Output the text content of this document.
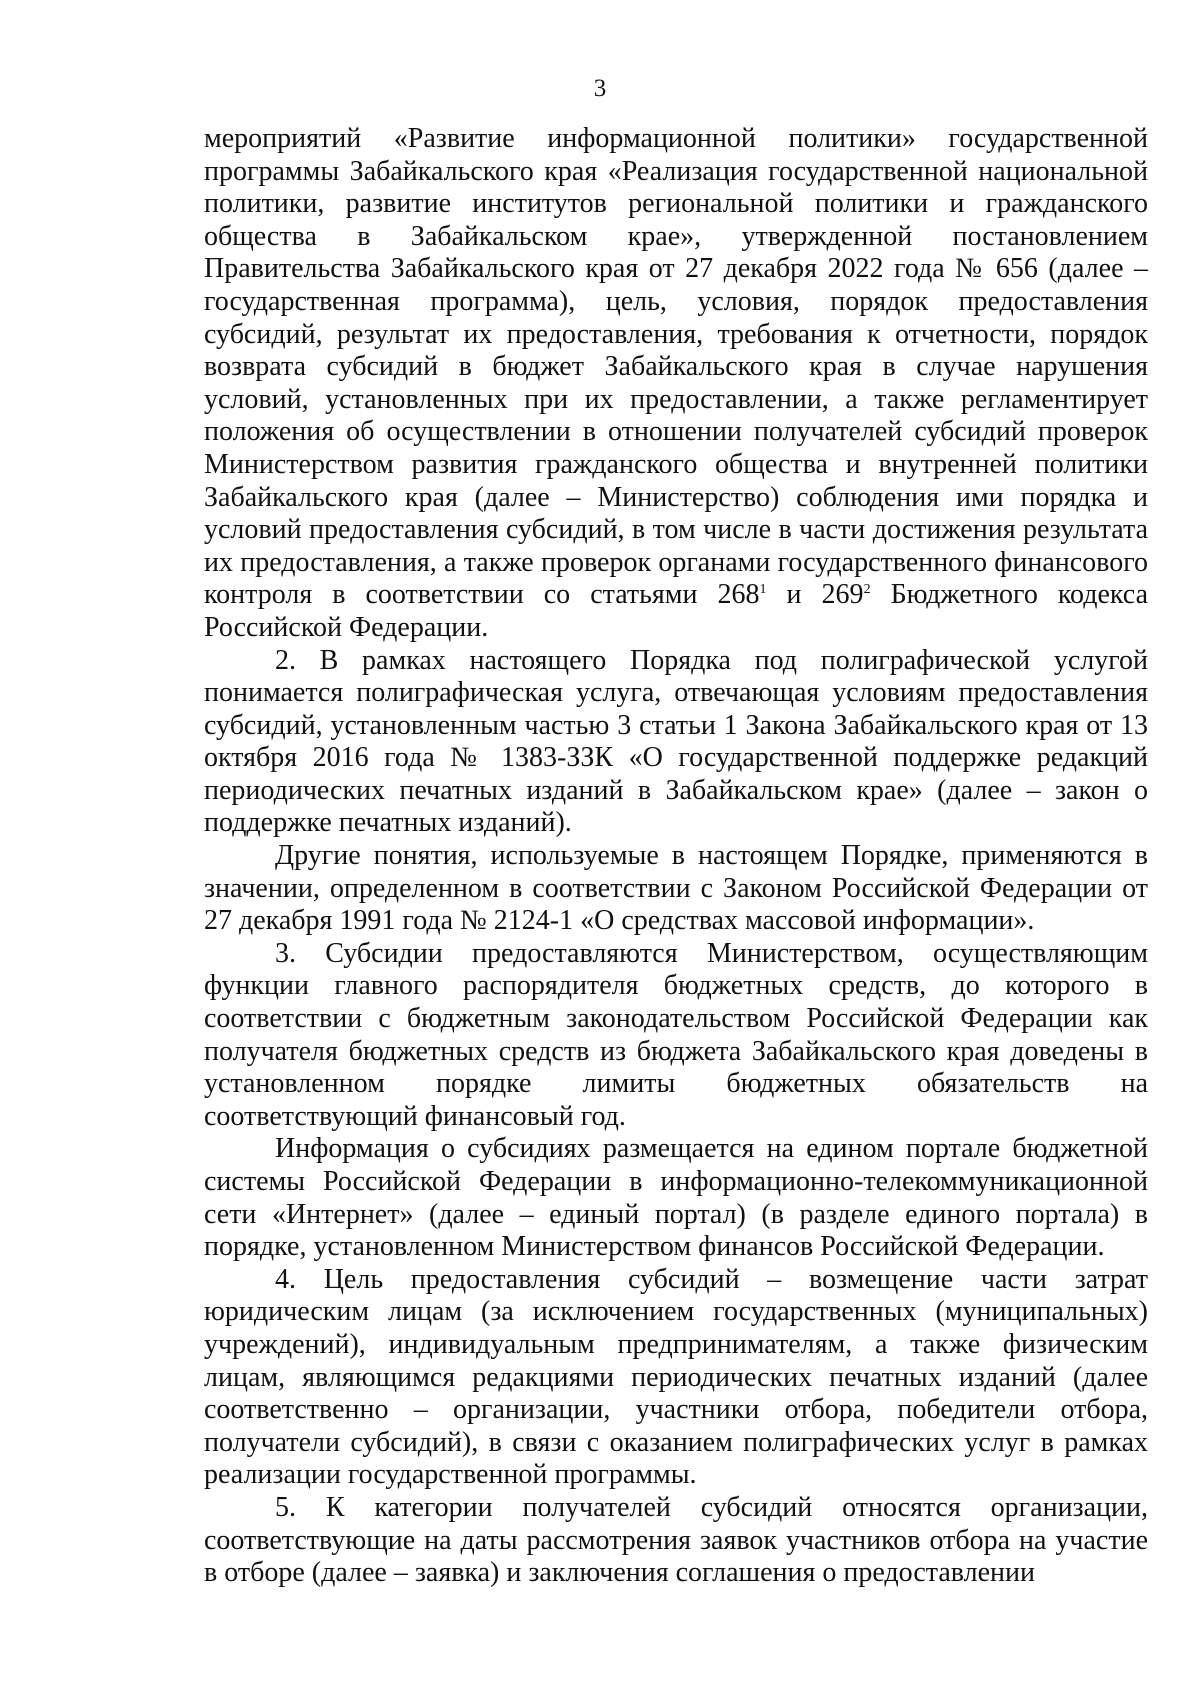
3

мероприятий «Развитие информационной политики» государственной программы Забайкальского края «Реализация государственной национальной политики, развитие институтов региональной политики и гражданского общества в Забайкальском крае», утвержденной постановлением Правительства Забайкальского края от 27 декабря 2022 года № 656 (далее – государственная программа), цель, условия, порядок предоставления субсидий, результат их предоставления, требования к отчетности, порядок возврата субсидий в бюджет Забайкальского края в случае нарушения условий, установленных при их предоставлении, а также регламентирует положения об осуществлении в отношении получателей субсидий проверок Министерством развития гражданского общества и внутренней политики Забайкальского края (далее – Министерство) соблюдения ими порядка и условий предоставления субсидий, в том числе в части достижения результата их предоставления, а также проверок органами государственного финансового контроля в соответствии со статьями $268^1$ и $269^2$ Бюджетного кодекса Российской Федерации.

2. В рамках настоящего Порядка под полиграфической услугой понимается полиграфическая услуга, отвечающая условиям предоставления субсидий, установленным частью 3 статьи 1 Закона Забайкальского края от 13 октября 2016 года № 1383-ЗЗК «О государственной поддержке редакций периодических печатных изданий в Забайкальском крае» (далее – закон о поддержке печатных изданий).

Другие понятия, используемые в настоящем Порядке, применяются в значении, определенном в соответствии с Законом Российской Федерации от 27 декабря 1991 года № 2124-1 «О средствах массовой информации».

3. Субсидии предоставляются Министерством, осуществляющим функции главного распорядителя бюджетных средств, до которого в соответствии с бюджетным законодательством Российской Федерации как получателя бюджетных средств из бюджета Забайкальского края доведены в установленном порядке лимиты бюджетных обязательств на соответствующий финансовый год.

Информация о субсидиях размещается на едином портале бюджетной системы Российской Федерации в информационно-телекоммуникационной сети «Интернет» (далее – единый портал) (в разделе единого портала) в порядке, установленном Министерством финансов Российской Федерации.

4. Цель предоставления субсидий – возмещение части затрат юридическим лицам (за исключением государственных (муниципальных) учреждений), индивидуальным предпринимателям, а также физическим лицам, являющимся редакциями периодических печатных изданий (далее соответственно – организации, участники отбора, победители отбора, получатели субсидий), в связи с оказанием полиграфических услуг в рамках реализации государственной программы.

5. К категории получателей субсидий относятся организации, соответствующие на даты рассмотрения заявок участников отбора на участие в отборе (далее – заявка) и заключения соглашения о предоставлении
